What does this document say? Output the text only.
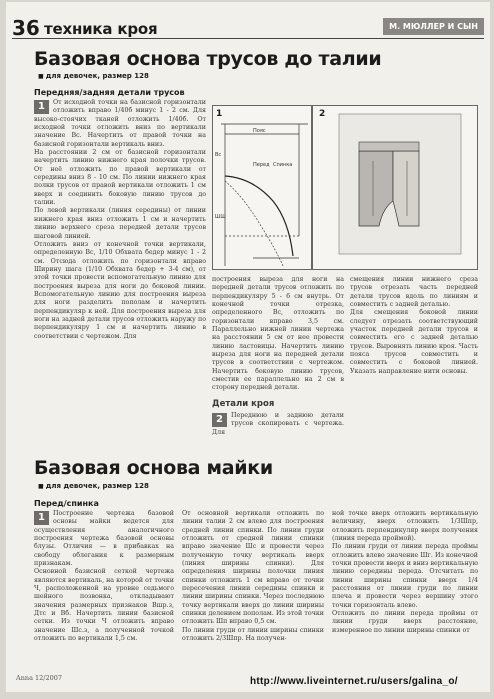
36 техника кроя	М. МЮЛЛЕР И СЫН
Базовая основа трусов до талии
■ для девочек, размер 128
Передняя/задняя детали трусов
1	От исходной точки на базисной горизонтали отложить вправо 1/40б минус 1 - 2 см. Для высоко-стоячих тканей отложить 1/40б. От исходной точки отложить вниз по вертикали значение Вс. Начертить от правой точки на базисной горизонтали вертикаль вниз.

На расстоянии 2 см от базисной горизонтали начертить линию нижнего края полочки трусов. От неё отложить по правой вертикали от середины вниз 8 - 10 см. По линии нижнего края полки трусов от правой вертикали отложить 1 см вверх и соединить боковую линию трусов до талии.

По левой вертикали (линия середины) от линии нижнего края вниз отложить 1 см и начертить линию верхнего среза передней детали трусов шаговой линией.

Отложить вниз от конечной точки вертикали, определенную Вс, 1/10 Обхвата бедер минус 1 - 2 см. Отсюда отложить по горизонтали вправо Ширину шага (1/10 Обхвата бедер + 3-4 см), от этой точки провести вспомогательную линию для построения выреза для ноги до боковой линии. Вспомогательную линию для построения выреза для ноги разделить пополам и начертить перпендикуляр к ней. Для построения выреза для ноги на задней детали трусов отложить наружу по перпендикуляру 1 см и начертить линию в соответствии с чертежом. Для

1
Пояс
Перед Спинка
Вс
ШШ
2

построения выреза для ноги на передней детали трусов отложить по перпендикуляру 5 - 6 см внутрь. От конечной точки отрезка, определенного Вс, отложить по горизонтали вправо 3,5 см. Параллельно нижней линии чертежа на расстоянии 5 см от нее провести линию ластовицы. Начертить линию выреза для ноги на передней детали трусов в соответствии с чертежом. Начертить боковую линию трусов, сместив ее параллельно на 2 см в сторону передней детали.

Детали кроя
2	Переднюю и заднюю детали трусов скопировать с чертежа. Для

смещения линии нижнего среза трусов отрезать часть передней детали трусов вдоль по линиям и совместить с задней деталью.

Для смещения боковой линии следует отрезать соответствующий участок передней детали трусов и совместить его с задней деталью трусов. Выровнять линию кроя. Часть пояса трусов совместить и совместить с боковой линией. Указать направление нити основы.

Базовая основа майки
■ для девочек, размер 128
Перед/спинка
1	Построение чертежа базовой основы майки ведется для осуществления аналогичного построения чертежа базовой основы блузы. Отличия — в прибавках на свободу облегания к размерным признакам.

Основной базисной сеткой чертежа являются вертикаль, на которой от точки Ч, расположенной на уровне седьмого шейного позвонка, откладывают значения размерных признаков Вшр.з, Дтс и Вб. Начертить линии базисной сетки. Из точки Ч отложить вправо значение Шс.з, а полученной точкой отложить по вертикали 1,5 см.

От основной вертикали отложить по линии талии 2 см влево для построения средней линии спинки. По линии груди отложить от средней линии спинки вправо значение Шс и провести через полученную точку вертикаль вверх (линия ширины спинки). Для определения ширины полочки линия спинки отложить 1 см вправо от точки пересечения линии середины спинки и линии ширины спинки. Через последнюю точку вертикали вверх до линии ширины спинки делением пополам. Из этой точки отложить Шп вправо 0,5 см.

По линии груди от линии ширины спинки отложить 2/3Шпр. На получен-

ной точке вверх отложить вертикальную величину, вверх отложить 1/3Шпр, отложить перпендикуляр вверх получения (линия переда проймой).

По линии груди от линии переда проймы отложить влево значение Шг. Из конечной точки провести вверх и вниз вертикальную линию середины переда. Отсчитать по линии ширины спинки вверх 1/4 расстояния от линии груди по линии плеча и провести через вершину этого точки горизонталь влево.

Отложить по линии переда проймы от линии груди вверх расстояние, измеренное по линии ширины спинки от

Anna 12/2007	http://www.liveinternet.ru/users/galina_o/
